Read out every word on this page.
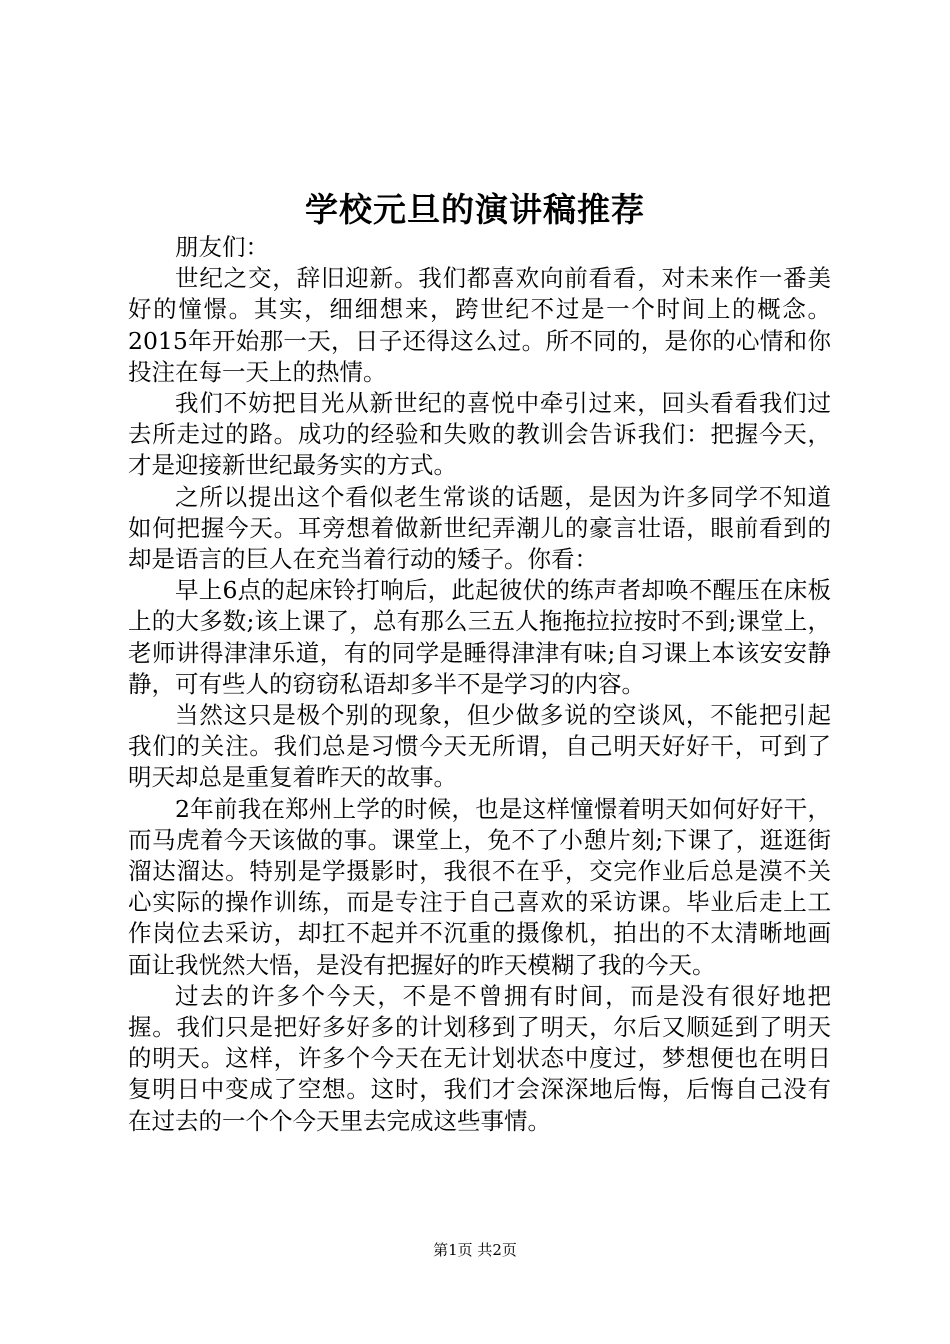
学校元旦的演讲稿推荐

朋友们：

世纪之交，辞旧迎新。我们都喜欢向前看看，对未来作一番美好的憧憬。其实，细细想来，跨世纪不过是一个时间上的概念。2015年开始那一天，日子还得这么过。所不同的，是你的心情和你投注在每一天上的热情。

我们不妨把目光从新世纪的喜悦中牵引过来，回头看看我们过去所走过的路。成功的经验和失败的教训会告诉我们：把握今天，才是迎接新世纪最务实的方式。

之所以提出这个看似老生常谈的话题，是因为许多同学不知道如何把握今天。耳旁想着做新世纪弄潮儿的豪言壮语，眼前看到的却是语言的巨人在充当着行动的矮子。你看：

早上6点的起床铃打响后，此起彼伏的练声者却唤不醒压在床板上的大多数;该上课了，总有那么三五人拖拖拉拉按时不到;课堂上，老师讲得津津乐道，有的同学是睡得津津有味;自习课上本该安安静静，可有些人的窃窃私语却多半不是学习的内容。

当然这只是极个别的现象，但少做多说的空谈风，不能把引起我们的关注。我们总是习惯今天无所谓，自己明天好好干，可到了明天却总是重复着昨天的故事。

2年前我在郑州上学的时候，也是这样憧憬着明天如何好好干，而马虎着今天该做的事。课堂上，免不了小憩片刻;下课了，逛逛街溜达溜达。特别是学摄影时，我很不在乎，交完作业后总是漠不关心实际的操作训练，而是专注于自己喜欢的采访课。毕业后走上工作岗位去采访，却扛不起并不沉重的摄像机，拍出的不太清晰地画面让我恍然大悟，是没有把握好的昨天模糊了我的今天。

过去的许多个今天，不是不曾拥有时间，而是没有很好地把握。我们只是把好多好多的计划移到了明天，尔后又顺延到了明天的明天。这样，许多个今天在无计划状态中度过，梦想便也在明日复明日中变成了空想。这时，我们才会深深地后悔，后悔自己没有在过去的一个个今天里去完成这些事情。

第1页 共2页
